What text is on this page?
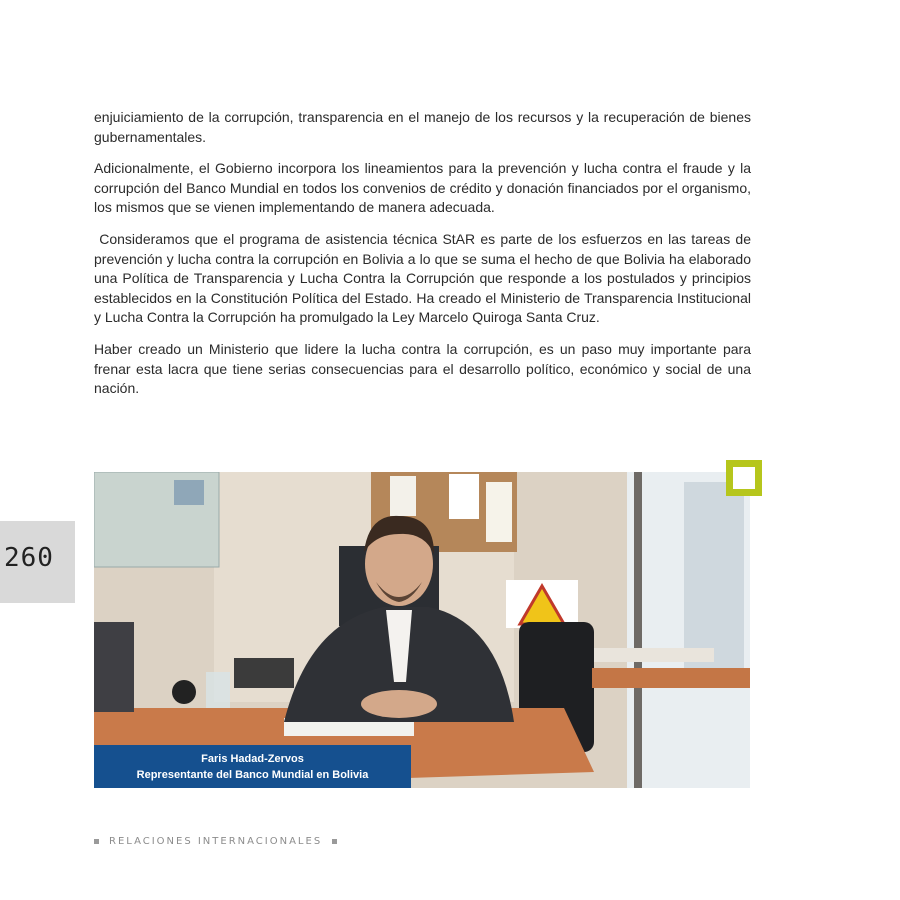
enjuiciamiento de la corrupción, transparencia en el manejo de los recursos y la recuperación de bienes gubernamentales.

Adicionalmente, el Gobierno incorpora los lineamientos para la prevención y lucha contra el fraude y la corrupción del Banco Mundial en todos los convenios de crédito y donación financiados por el organismo, los mismos que se vienen implementando de manera adecuada.

Consideramos que el programa de asistencia técnica StAR es parte de los esfuerzos en las tareas de prevención y lucha contra la corrupción en Bolivia a lo que se suma el hecho de que Bolivia ha elaborado una Política de Transparencia y Lucha Contra la Corrupción que responde a los postulados y principios establecidos en la Constitución Política del Estado. Ha creado el Ministerio de Transparencia Institucional y Lucha Contra la Corrupción ha promulgado la Ley Marcelo Quiroga Santa Cruz.

Haber creado un Ministerio que lidere la lucha contra la corrupción, es un paso muy importante para frenar esta lacra que tiene serias consecuencias para el desarrollo político, económico y social de una nación.

260
Faris Hadad-Zervos
Representante del Banco Mundial en Bolivia
RELACIONES INTERNACIONALES
